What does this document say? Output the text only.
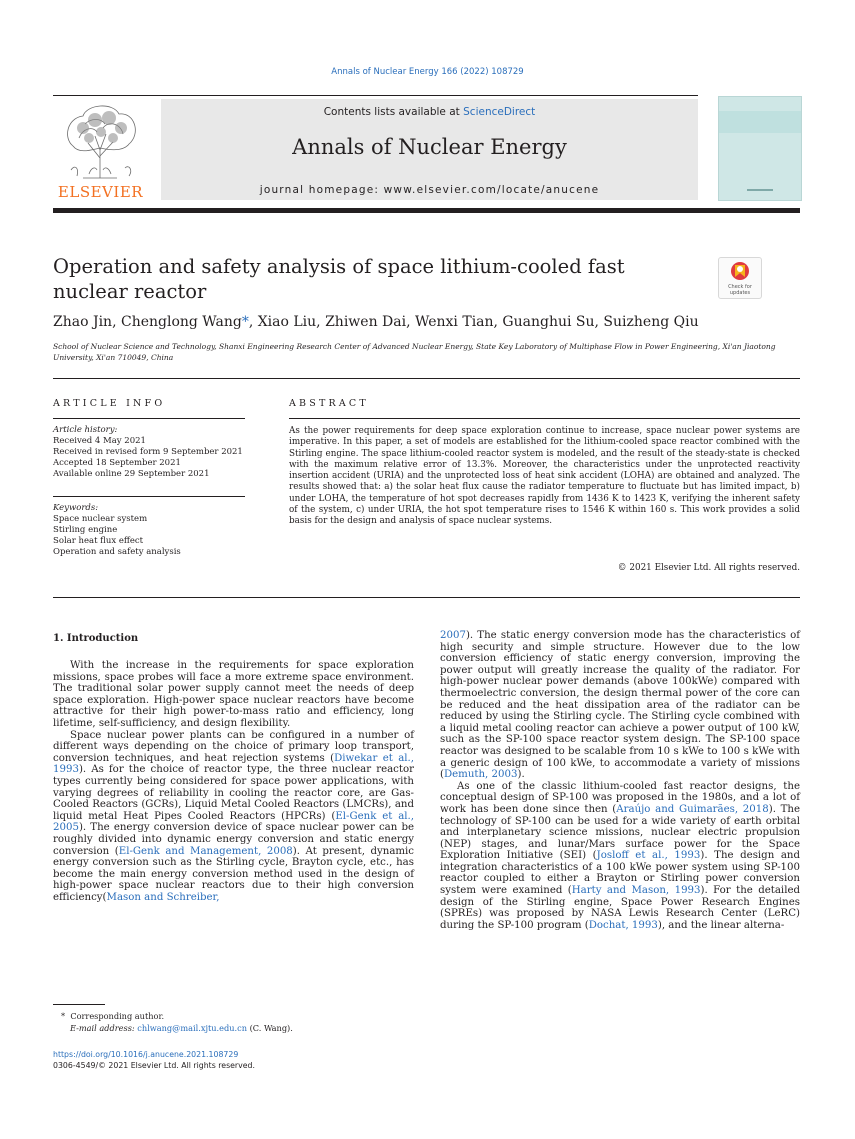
Annals of Nuclear Energy 166 (2022) 108729
ELSEVIER
Contents lists available at ScienceDirect
Annals of Nuclear Energy
journal homepage: www.elsevier.com/locate/anucene
Operation and safety analysis of space lithium-cooled fast nuclear reactor	Check for updates
Zhao Jin, Chenglong Wang*, Xiao Liu, Zhiwen Dai, Wenxi Tian, Guanghui Su, Suizheng Qiu
School of Nuclear Science and Technology, Shanxi Engineering Research Center of Advanced Nuclear Energy, State Key Laboratory of Multiphase Flow in Power Engineering, Xi'an Jiaotong University, Xi'an 710049, China
ARTICLE INFO	ABSTRACT
Article history:
Received 4 May 2021
Received in revised form 9 September 2021
Accepted 18 September 2021
Available online 29 September 2021
Keywords:
Space nuclear system
Stirling engine
Solar heat flux effect
Operation and safety analysis
As the power requirements for deep space exploration continue to increase, space nuclear power systems are imperative. In this paper, a set of models are established for the lithium-cooled space reactor combined with the Stirling engine. The space lithium-cooled reactor system is modeled, and the result of the steady-state is checked with the maximum relative error of 13.3%. Moreover, the characteristics under the unprotected reactivity insertion accident (URIA) and the unprotected loss of heat sink accident (LOHA) are obtained and analyzed. The results showed that: a) the solar heat flux cause the radiator temperature to fluctuate but has limited impact, b) under LOHA, the temperature of hot spot decreases rapidly from 1436 K to 1423 K, verifying the inherent safety of the system, c) under URIA, the hot spot temperature rises to 1546 K within 160 s. This work provides a solid basis for the design and analysis of space nuclear systems.
© 2021 Elsevier Ltd. All rights reserved.
1. Introduction

With the increase in the requirements for space exploration missions, space probes will face a more extreme space environment. The traditional solar power supply cannot meet the needs of deep space exploration. High-power space nuclear reactors have become attractive for their high power-to-mass ratio and efficiency, long lifetime, self-sufficiency, and design flexibility.

Space nuclear power plants can be configured in a number of different ways depending on the choice of primary loop transport, conversion techniques, and heat rejection systems (Diwekar et al., 1993). As for the choice of reactor type, the three nuclear reactor types currently being considered for space power applications, with varying degrees of reliability in cooling the reactor core, are Gas-Cooled Reactors (GCRs), Liquid Metal Cooled Reactors (LMCRs), and liquid metal Heat Pipes Cooled Reactors (HPCRs) (El-Genk et al., 2005). The energy conversion device of space nuclear power can be roughly divided into dynamic energy conversion and static energy conversion (El-Genk and Management, 2008). At present, dynamic energy conversion such as the Stirling cycle, Brayton cycle, etc., has become the main energy conversion method used in the design of high-power space nuclear reactors due to their high conversion efficiency(Mason and Schreiber,

2007). The static energy conversion mode has the characteristics of high security and simple structure. However due to the low conversion efficiency of static energy conversion, improving the power output will greatly increase the quality of the radiator. For high-power nuclear power demands (above 100kWe) compared with thermoelectric conversion, the design thermal power of the core can be reduced and the heat dissipation area of the radiator can be reduced by using the Stirling cycle. The Stirling cycle combined with a liquid metal cooling reactor can achieve a power output of 100 kW, such as the SP-100 space reactor system design. The SP-100 space reactor was designed to be scalable from 10 s kWe to 100 s kWe with a generic design of 100 kWe, to accommodate a variety of missions (Demuth, 2003).

As one of the classic lithium-cooled fast reactor designs, the conceptual design of SP-100 was proposed in the 1980s, and a lot of work has been done since then (Araújo and Guimarães, 2018). The technology of SP-100 can be used for a wide variety of earth orbital and interplanetary science missions, nuclear electric propulsion (NEP) stages, and lunar/Mars surface power for the Space Exploration Initiative (SEI) (Josloff et al., 1993). The design and integration characteristics of a 100 kWe power system using SP-100 reactor coupled to either a Brayton or Stirling power conversion system were examined (Harty and Mason, 1993). For the detailed design of the Stirling engine, Space Power Research Engines (SPREs) was proposed by NASA Lewis Research Center (LeRC) during the SP-100 program (Dochat, 1993), and the linear alterna-

* Corresponding author.
E-mail address: chlwang@mail.xjtu.edu.cn (C. Wang).
https://doi.org/10.1016/j.anucene.2021.108729
0306-4549/© 2021 Elsevier Ltd. All rights reserved.
